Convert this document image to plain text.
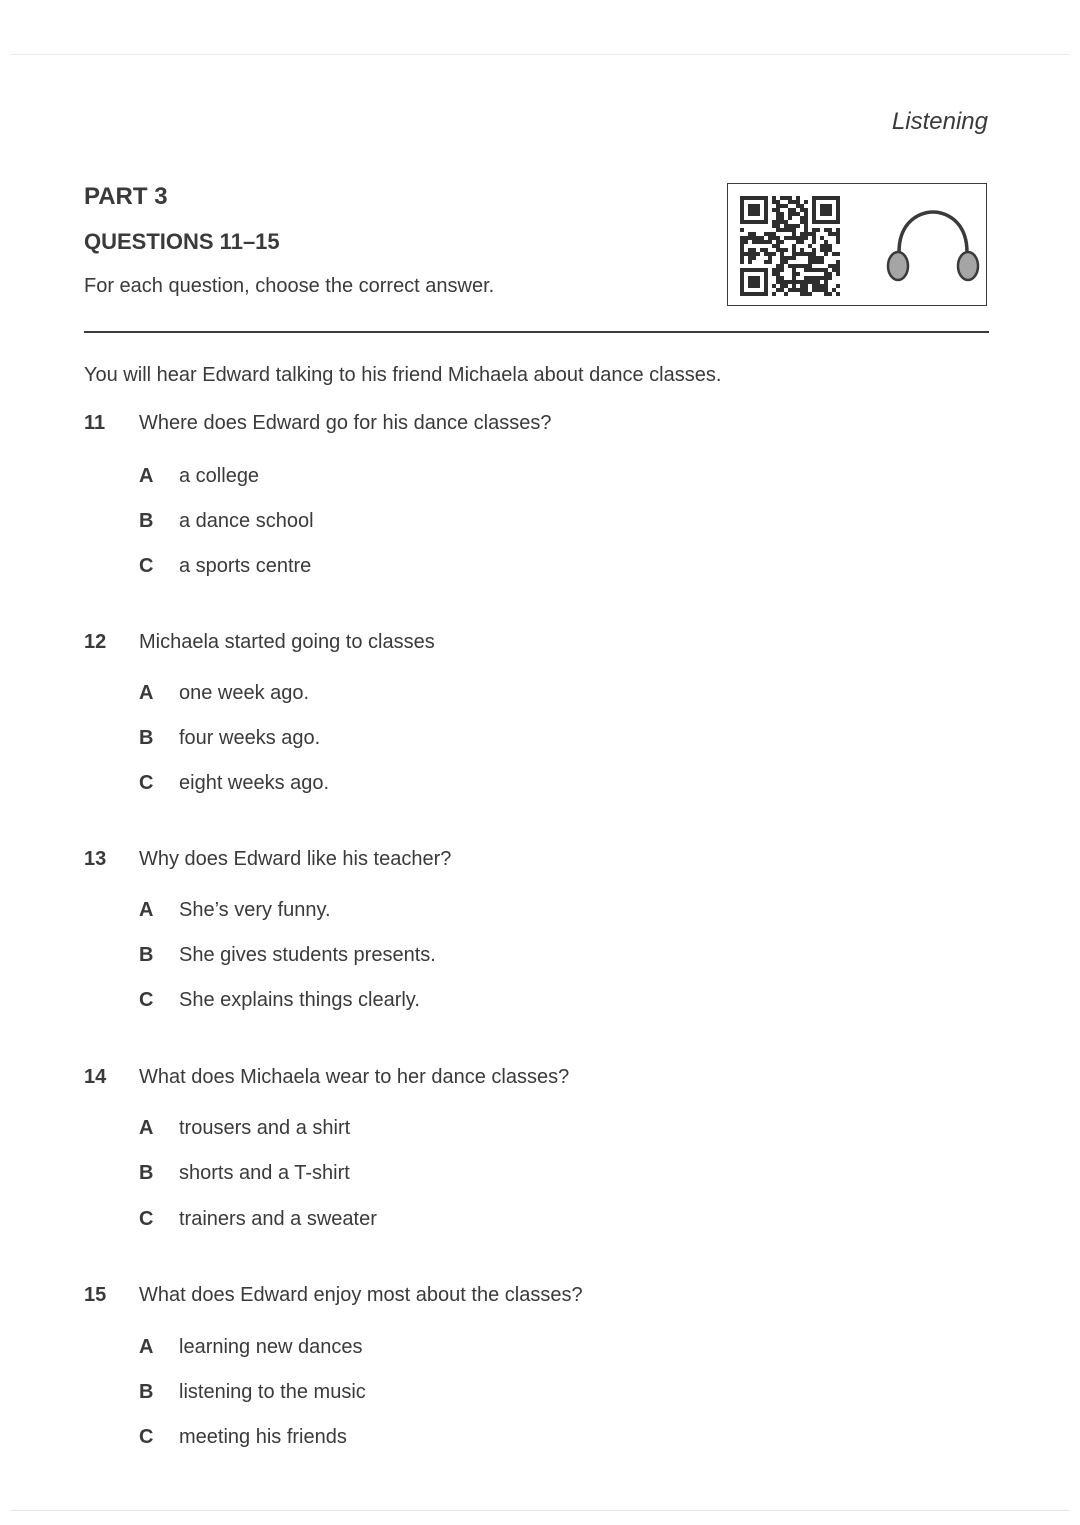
Listening
PART 3
QUESTIONS 11–15
For each question, choose the correct answer.
You will hear Edward talking to his friend Michaela about dance classes.
11 Where does Edward go for his dance classes?
A a college
B a dance school
C a sports centre
12 Michaela started going to classes
A one week ago.
B four weeks ago.
C eight weeks ago.
13 Why does Edward like his teacher?
A She’s very funny.
B She gives students presents.
C She explains things clearly.
14 What does Michaela wear to her dance classes?
A trousers and a shirt
B shorts and a T-shirt
C trainers and a sweater
15 What does Edward enjoy most about the classes?
A learning new dances
B listening to the music
C meeting his friends
